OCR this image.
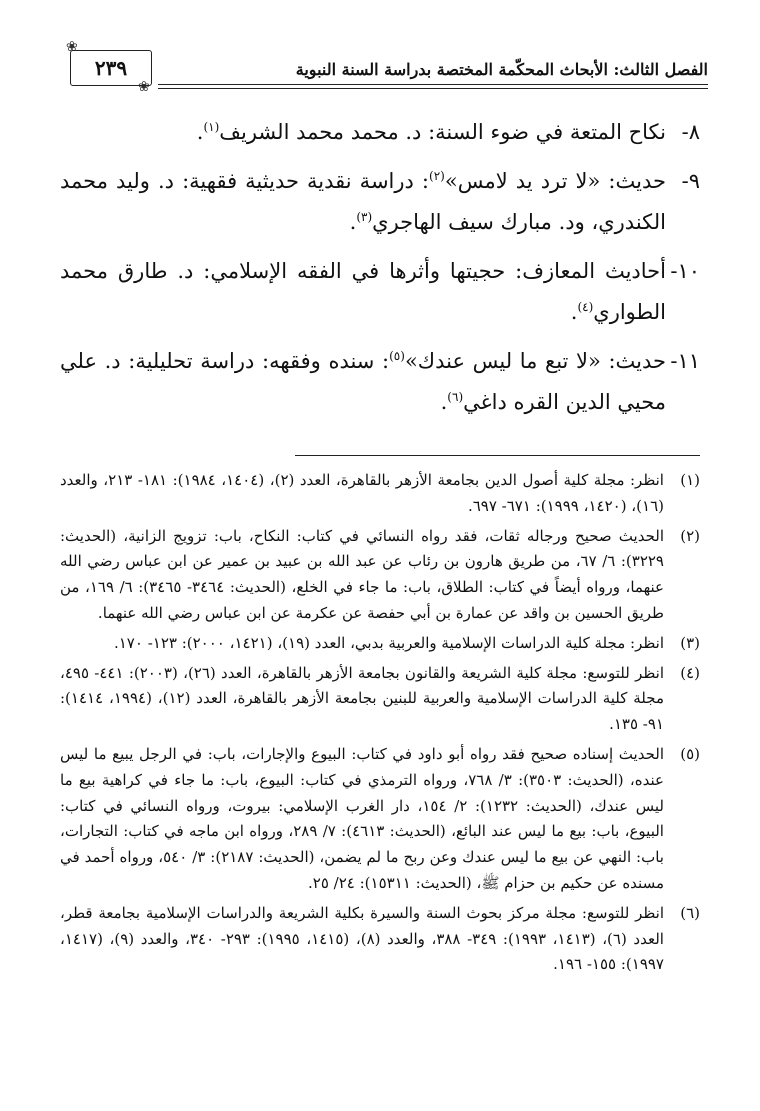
❀
❀
٢٣٩	الفصل الثالث: الأبحاث المحكّمة المختصة بدراسة السنة النبوية
٨-
نكاح المتعة في ضوء السنة: د. محمد محمد الشريف$^{(١)}$.
٩-
حديث: «لا ترد يد لامس»$^{(٢)}$: دراسة نقدية حديثية فقهية: د. وليد محمد الكندري، ود. مبارك سيف الهاجري$^{(٣)}$.
١٠-
أحاديث المعازف: حجيتها وأثرها في الفقه الإسلامي: د. طارق محمد الطواري$^{(٤)}$.
١١-
حديث: «لا تبع ما ليس عندك»$^{(٥)}$: سنده وفقهه: دراسة تحليلية: د. علي محيي الدين القره داغي$^{(٦)}$.
(١)
انظر: مجلة كلية أصول الدين بجامعة الأزهر بالقاهرة، العدد (٢)، (١٤٠٤، ١٩٨٤): ١٨١- ٢١٣، والعدد (١٦)، (١٤٢٠، ١٩٩٩): ٦٧١- ٦٩٧.
(٢)
الحديث صحيح ورجاله ثقات، فقد رواه النسائي في كتاب: النكاح، باب: تزويج الزانية، (الحديث: ٣٢٢٩): ٦/ ٦٧، من طريق هارون بن رئاب عن عبد الله بن عبيد بن عمير عن ابن عباس رضي الله عنهما، ورواه أيضاً في كتاب: الطلاق، باب: ما جاء في الخلع، (الحديث: ٣٤٦٤- ٣٤٦٥): ٦/ ١٦٩، من طريق الحسين بن واقد عن عمارة بن أبي حفصة عن عكرمة عن ابن عباس رضي الله عنهما.
(٣)
انظر: مجلة كلية الدراسات الإسلامية والعربية بدبي، العدد (١٩)، (١٤٢١، ٢٠٠٠): ١٢٣- ١٧٠.
(٤)
انظر للتوسع: مجلة كلية الشريعة والقانون بجامعة الأزهر بالقاهرة، العدد (٢٦)، (٢٠٠٣): ٤٤١- ٤٩٥، مجلة كلية الدراسات الإسلامية والعربية للبنين بجامعة الأزهر بالقاهرة، العدد (١٢)، (١٩٩٤، ١٤١٤): ٩١- ١٣٥.
(٥)
الحديث إسناده صحيح فقد رواه أبو داود في كتاب: البيوع والإجارات، باب: في الرجل يبيع ما ليس عنده، (الحديث: ٣٥٠٣): ٣/ ٧٦٨، ورواه الترمذي في كتاب: البيوع، باب: ما جاء في كراهية بيع ما ليس عندك، (الحديث: ١٢٣٢): ٢/ ١٥٤، دار الغرب الإسلامي: بيروت، ورواه النسائي في كتاب: البيوع، باب: بيع ما ليس عند البائع، (الحديث: ٤٦١٣): ٧/ ٢٨٩، ورواه ابن ماجه في كتاب: التجارات، باب: النهي عن بيع ما ليس عندك وعن ربح ما لم يضمن، (الحديث: ٢١٨٧): ٣/ ٥٤٠، ورواه أحمد في مسنده عن حكيم بن حزام ﷺ، (الحديث: ١٥٣١١): ٢٤/ ٢٥.
(٦)
انظر للتوسع: مجلة مركز بحوث السنة والسيرة بكلية الشريعة والدراسات الإسلامية بجامعة قطر، العدد (٦)، (١٤١٣، ١٩٩٣): ٣٤٩- ٣٨٨، والعدد (٨)، (١٤١٥، ١٩٩٥): ٢٩٣- ٣٤٠، والعدد (٩)، (١٤١٧، ١٩٩٧): ١٥٥- ١٩٦.
